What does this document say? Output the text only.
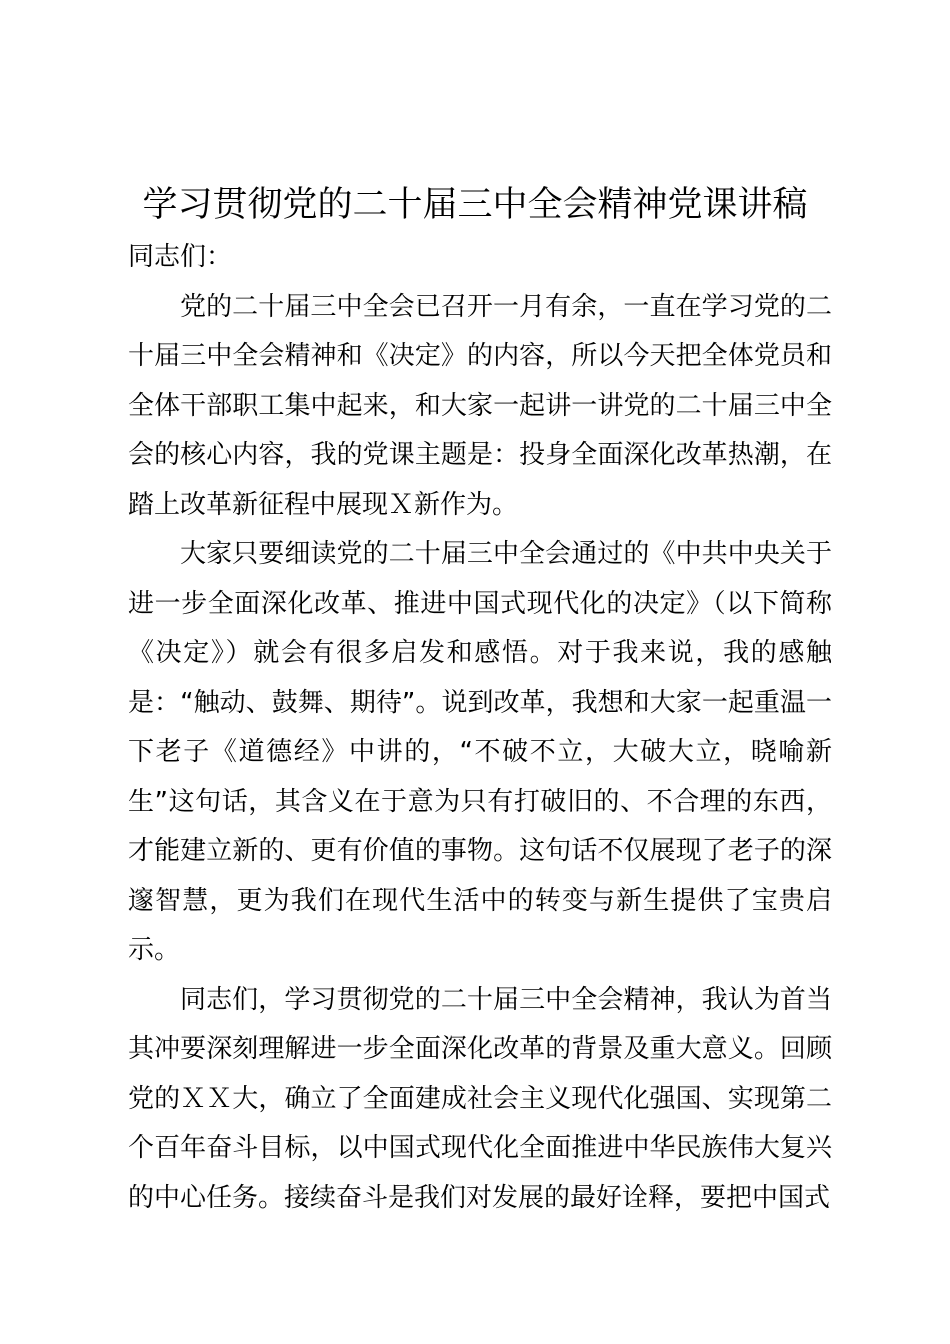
学习贯彻党的二十届三中全会精神党课讲稿

同志们：

党的二十届三中全会已召开一月有余，一直在学习党的二十届三中全会精神和《决定》的内容，所以今天把全体党员和全体干部职工集中起来，和大家一起讲一讲党的二十届三中全会的核心内容，我的党课主题是：投身全面深化改革热潮，在踏上改革新征程中展现Ｘ新作为。

大家只要细读党的二十届三中全会通过的《中共中央关于进一步全面深化改革、推进中国式现代化的决定》（以下简称《决定》）就会有很多启发和感悟。对于我来说，我的感触是：“触动、鼓舞、期待”。说到改革，我想和大家一起重温一下老子《道德经》中讲的，“不破不立，大破大立，晓喻新生”这句话，其含义在于意为只有打破旧的、不合理的东西，才能建立新的、更有价值的事物。这句话不仅展现了老子的深邃智慧，更为我们在现代生活中的转变与新生提供了宝贵启示。

同志们，学习贯彻党的二十届三中全会精神，我认为首当其冲要深刻理解进一步全面深化改革的背景及重大意义。回顾党的ＸＸ大，确立了全面建成社会主义现代化强国、实现第二个百年奋斗目标，以中国式现代化全面推进中华民族伟大复兴的中心任务。接续奋斗是我们对发展的最好诠释，要把中国式
